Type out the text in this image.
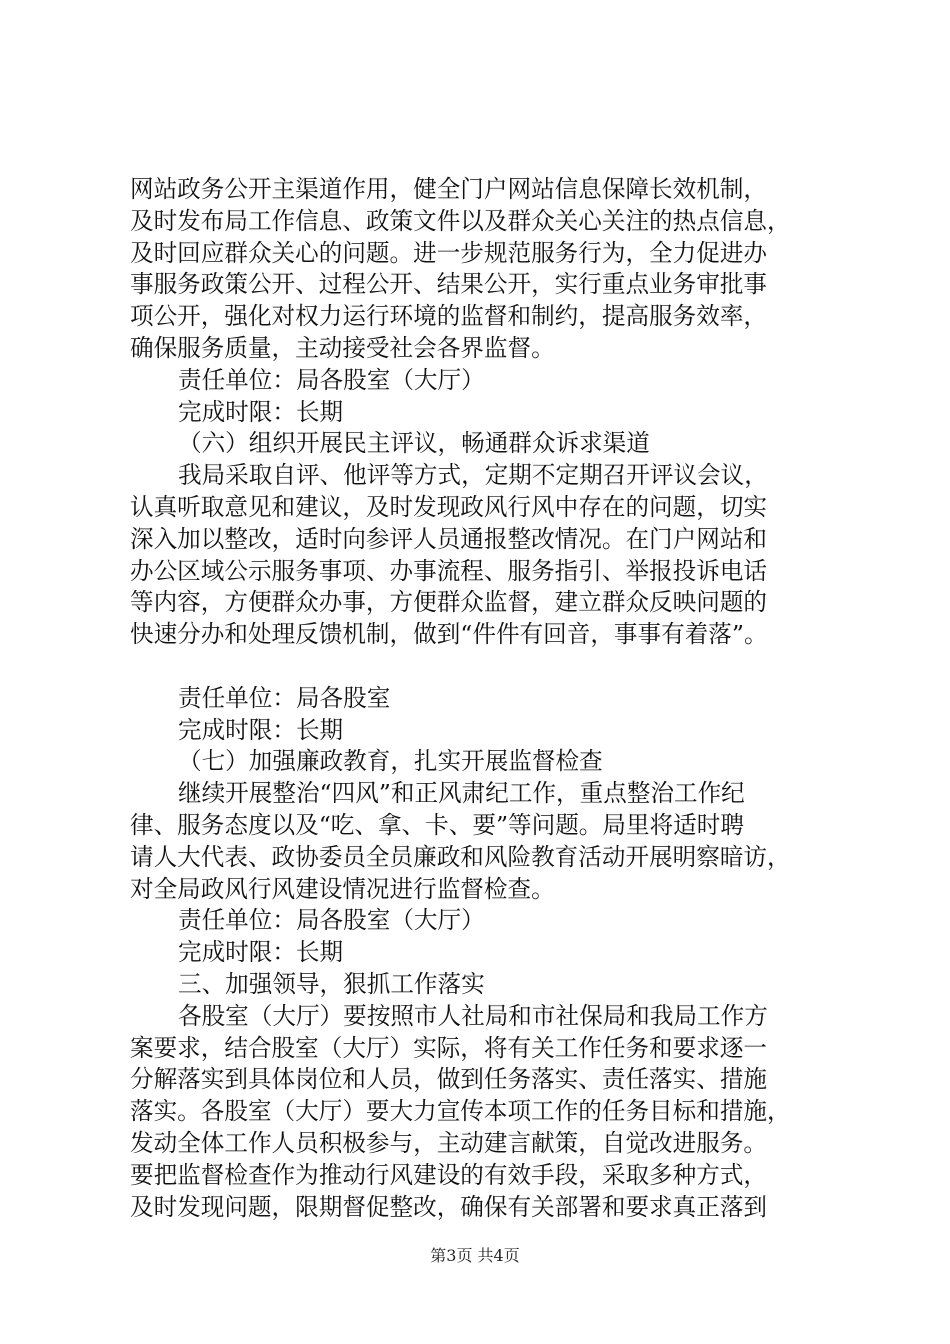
网站政务公开主渠道作用，健全门户网站信息保障长效机制，
及时发布局工作信息、政策文件以及群众关心关注的热点信息，
及时回应群众关心的问题。进一步规范服务行为，全力促进办
事服务政策公开、过程公开、结果公开，实行重点业务审批事
项公开，强化对权力运行环境的监督和制约，提高服务效率，
确保服务质量，主动接受社会各界监督。
责任单位：局各股室（大厅）
完成时限：长期
（六）组织开展民主评议，畅通群众诉求渠道
我局采取自评、他评等方式，定期不定期召开评议会议，
认真听取意见和建议，及时发现政风行风中存在的问题，切实
深入加以整改，适时向参评人员通报整改情况。在门户网站和
办公区域公示服务事项、办事流程、服务指引、举报投诉电话
等内容，方便群众办事，方便群众监督，建立群众反映问题的
快速分办和处理反馈机制，做到“件件有回音，事事有着落”。
责任单位：局各股室
完成时限：长期
（七）加强廉政教育，扎实开展监督检查
继续开展整治“四风”和正风肃纪工作，重点整治工作纪
律、服务态度以及“吃、拿、卡、要”等问题。局里将适时聘
请人大代表、政协委员全员廉政和风险教育活动开展明察暗访，
对全局政风行风建设情况进行监督检查。
责任单位：局各股室（大厅）
完成时限：长期
三、加强领导，狠抓工作落实
各股室（大厅）要按照市人社局和市社保局和我局工作方
案要求，结合股室（大厅）实际，将有关工作任务和要求逐一
分解落实到具体岗位和人员，做到任务落实、责任落实、措施
落实。各股室（大厅）要大力宣传本项工作的任务目标和措施，
发动全体工作人员积极参与，主动建言献策，自觉改进服务。
要把监督检查作为推动行风建设的有效手段，采取多种方式，
及时发现问题，限期督促整改，确保有关部署和要求真正落到
第3页 共4页
